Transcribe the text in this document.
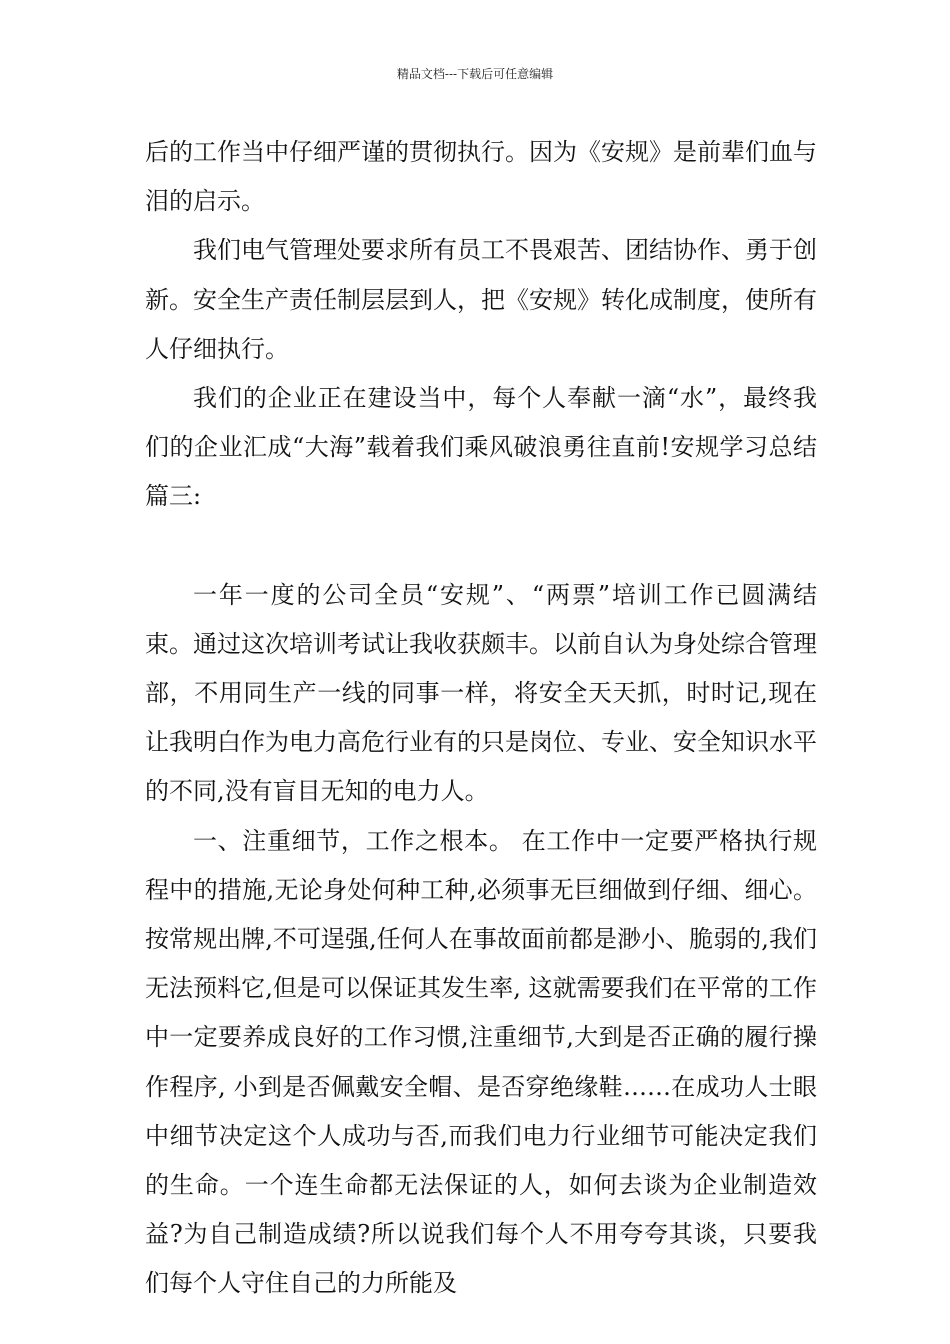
精品文档---下载后可任意编辑

后的工作当中仔细严谨的贯彻执行。因为《安规》是前辈们血与泪的启示。

我们电气管理处要求所有员工不畏艰苦、团结协作、勇于创新。安全生产责任制层层到人，把《安规》转化成制度，使所有人仔细执行。

我们的企业正在建设当中，每个人奉献一滴“水”，最终我们的企业汇成“大海”载着我们乘风破浪勇往直前!安规学习总结篇三:

一年一度的公司全员“安规”、“两票”培训工作已圆满结束。通过这次培训考试让我收获颇丰。以前自认为身处综合管理部，不用同生产一线的同事一样，将安全天天抓，时时记,现在让我明白作为电力高危行业有的只是岗位、专业、安全知识水平的不同,没有盲目无知的电力人。

一、注重细节，工作之根本。 在工作中一定要严格执行规程中的措施,无论身处何种工种,必须事无巨细做到仔细、细心。按常规出牌,不可逞强,任何人在事故面前都是渺小、脆弱的,我们无法预料它,但是可以保证其发生率, 这就需要我们在平常的工作中一定要养成良好的工作习惯,注重细节,大到是否正确的履行操作程序, 小到是否佩戴安全帽、是否穿绝缘鞋……在成功人士眼中细节决定这个人成功与否,而我们电力行业细节可能决定我们的生命。一个连生命都无法保证的人，如何去谈为企业制造效益?为自己制造成绩?所以说我们每个人不用夸夸其谈，只要我们每个人守住自己的力所能及
